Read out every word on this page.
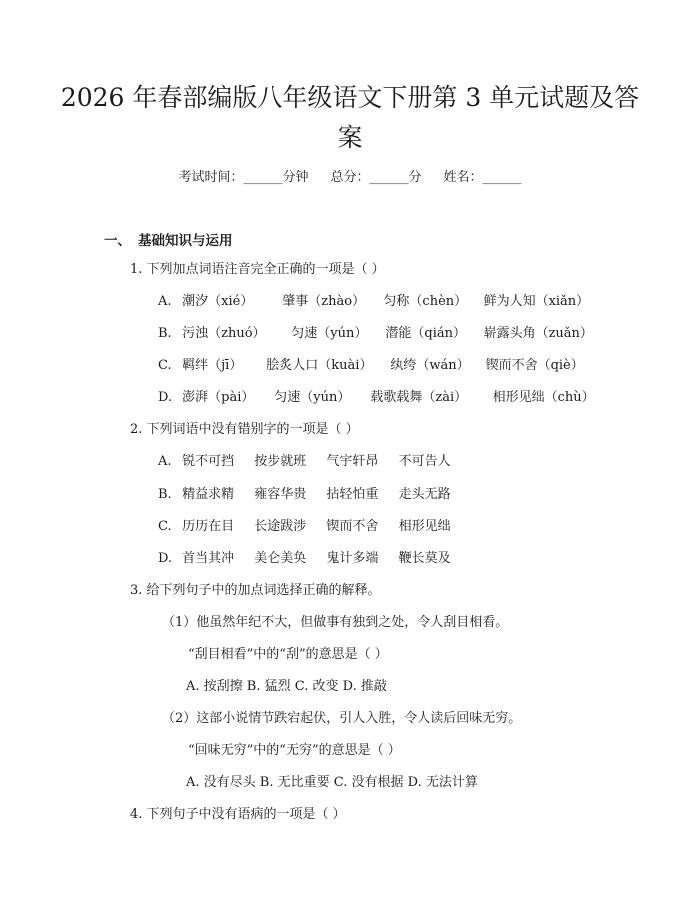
2026 年春部编版八年级语文下册第 3 单元试题及答案
考试时间：______分钟 总分：______分 姓名：______
一、 基础知识与运用
1. 下列加点词语注音完全正确的一项是（ ）
A. 潮汐（xié） 肇事（zhào） 匀称（chèn） 鲜为人知（xiǎn）
B. 污浊（zhuó） 匀速（yún） 潜能（qián） 崭露头角（zuǎn）
C. 羁绊（jī） 脍炙人口（kuài） 纨绔（wán） 锲而不舍（qiè）
D. 澎湃（pài） 匀速（yún） 载歌载舞（zài） 相形见绌（chù）
2. 下列词语中没有错别字的一项是（ ）
A. 锐不可挡 按步就班 气宇轩昂 不可告人
B. 精益求精 雍容华贵 拈轻怕重 走头无路
C. 历历在目 长途跋涉 锲而不舍 相形见绌
D. 首当其冲 美仑美奂 鬼计多端 鞭长莫及
3. 给下列句子中的加点词选择正确的解释。
（1）他虽然年纪不大，但做事有独到之处，令人刮目相看。
“刮目相看”中的“刮”的意思是（ ）
A. 按刮擦 B. 猛烈 C. 改变 D. 推敲
（2）这部小说情节跌宕起伏，引人入胜，令人读后回味无穷。
“回味无穷”中的“无穷”的意思是（ ）
A. 没有尽头 B. 无比重要 C. 没有根据 D. 无法计算
4. 下列句子中没有语病的一项是（ ）
